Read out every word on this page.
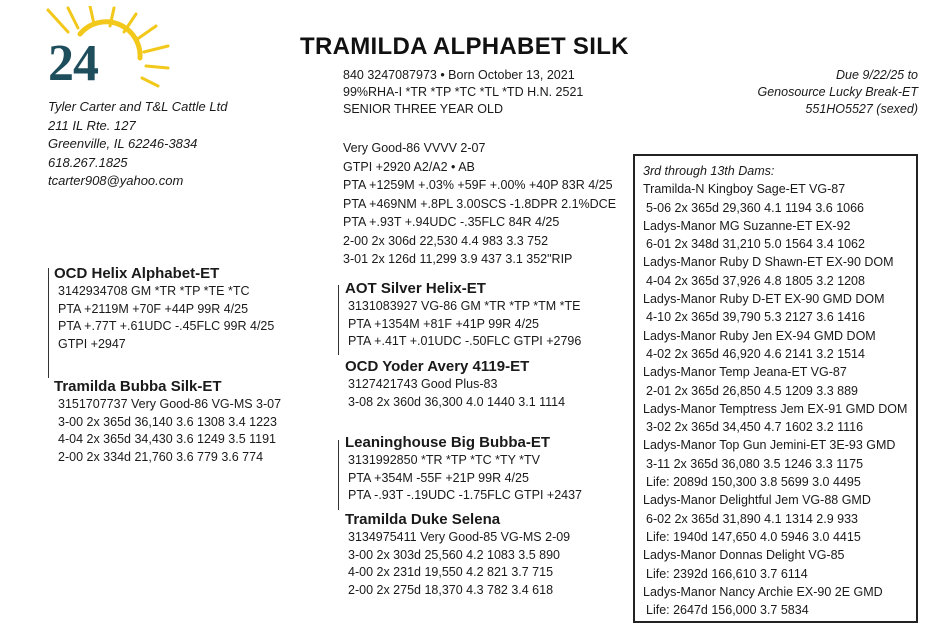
24	TRAMILDA ALPHABET SILK
Tyler Carter and T&L Cattle Ltd
211 IL Rte. 127
Greenville, IL 62246-3834
618.267.1825
tcarter908@yahoo.com
840 3247087973 • Born October 13, 2021
99%RHA-I *TR *TP *TC *TL *TD H.N. 2521
SENIOR THREE YEAR OLD
Due 9/22/25 to
Genosource Lucky Break-ET
551HO5527 (sexed)
Very Good-86 VVVV 2-07
GTPI +2920 A2/A2 • AB
PTA +1259M +.03% +59F +.00% +40P 83R 4/25
PTA +469NM +.8PL 3.00SCS -1.8DPR 2.1%DCE
PTA +.93T +.94UDC -.35FLC 84R 4/25
2-00 2x 306d 22,530 4.4 983 3.3 752
3-01 2x 126d 11,299 3.9 437 3.1 352"RIP
OCD Helix Alphabet-ET
3142934708 GM *TR *TP *TE *TC
PTA +2119M +70F +44P 99R 4/25
PTA +.77T +.61UDC -.45FLC 99R 4/25
GTPI +2947
Tramilda Bubba Silk-ET
3151707737 Very Good-86 VG-MS 3-07
3-00 2x 365d 36,140 3.6 1308 3.4 1223
4-04 2x 365d 34,430 3.6 1249 3.5 1191
2-00 2x 334d 21,760 3.6 779 3.6 774
AOT Silver Helix-ET
3131083927 VG-86 GM *TR *TP *TM *TE
PTA +1354M +81F +41P 99R 4/25
PTA +.41T +.01UDC -.50FLC GTPI +2796
OCD Yoder Avery 4119-ET
3127421743 Good Plus-83
3-08 2x 360d 36,300 4.0 1440 3.1 1114
Leaninghouse Big Bubba-ET
3131992850 *TR *TP *TC *TY *TV
PTA +354M -55F +21P 99R 4/25
PTA -.93T -.19UDC -1.75FLC GTPI +2437
Tramilda Duke Selena
3134975411 Very Good-85 VG-MS 2-09
3-00 2x 303d 25,560 4.2 1083 3.5 890
4-00 2x 231d 19,550 4.2 821 3.7 715
2-00 2x 275d 18,370 4.3 782 3.4 618
3rd through 13th Dams:
Tramilda-N Kingboy Sage-ET VG-87
5-06 2x 365d 29,360 4.1 1194 3.6 1066
Ladys-Manor MG Suzanne-ET EX-92
6-01 2x 348d 31,210 5.0 1564 3.4 1062
Ladys-Manor Ruby D Shawn-ET EX-90 DOM
4-04 2x 365d 37,926 4.8 1805 3.2 1208
Ladys-Manor Ruby D-ET EX-90 GMD DOM
4-10 2x 365d 39,790 5.3 2127 3.6 1416
Ladys-Manor Ruby Jen EX-94 GMD DOM
4-02 2x 365d 46,920 4.6 2141 3.2 1514
Ladys-Manor Temp Jeana-ET VG-87
2-01 2x 365d 26,850 4.5 1209 3.3 889
Ladys-Manor Temptress Jem EX-91 GMD DOM
3-02 2x 365d 34,450 4.7 1602 3.2 1116
Ladys-Manor Top Gun Jemini-ET 3E-93 GMD
3-11 2x 365d 36,080 3.5 1246 3.3 1175
Life: 2089d 150,300 3.8 5699 3.0 4495
Ladys-Manor Delightful Jem VG-88 GMD
6-02 2x 365d 31,890 4.1 1314 2.9 933
Life: 1940d 147,650 4.0 5946 3.0 4415
Ladys-Manor Donnas Delight VG-85
Life: 2392d 166,610 3.7 6114
Ladys-Manor Nancy Archie EX-90 2E GMD
Life: 2647d 156,000 3.7 5834
